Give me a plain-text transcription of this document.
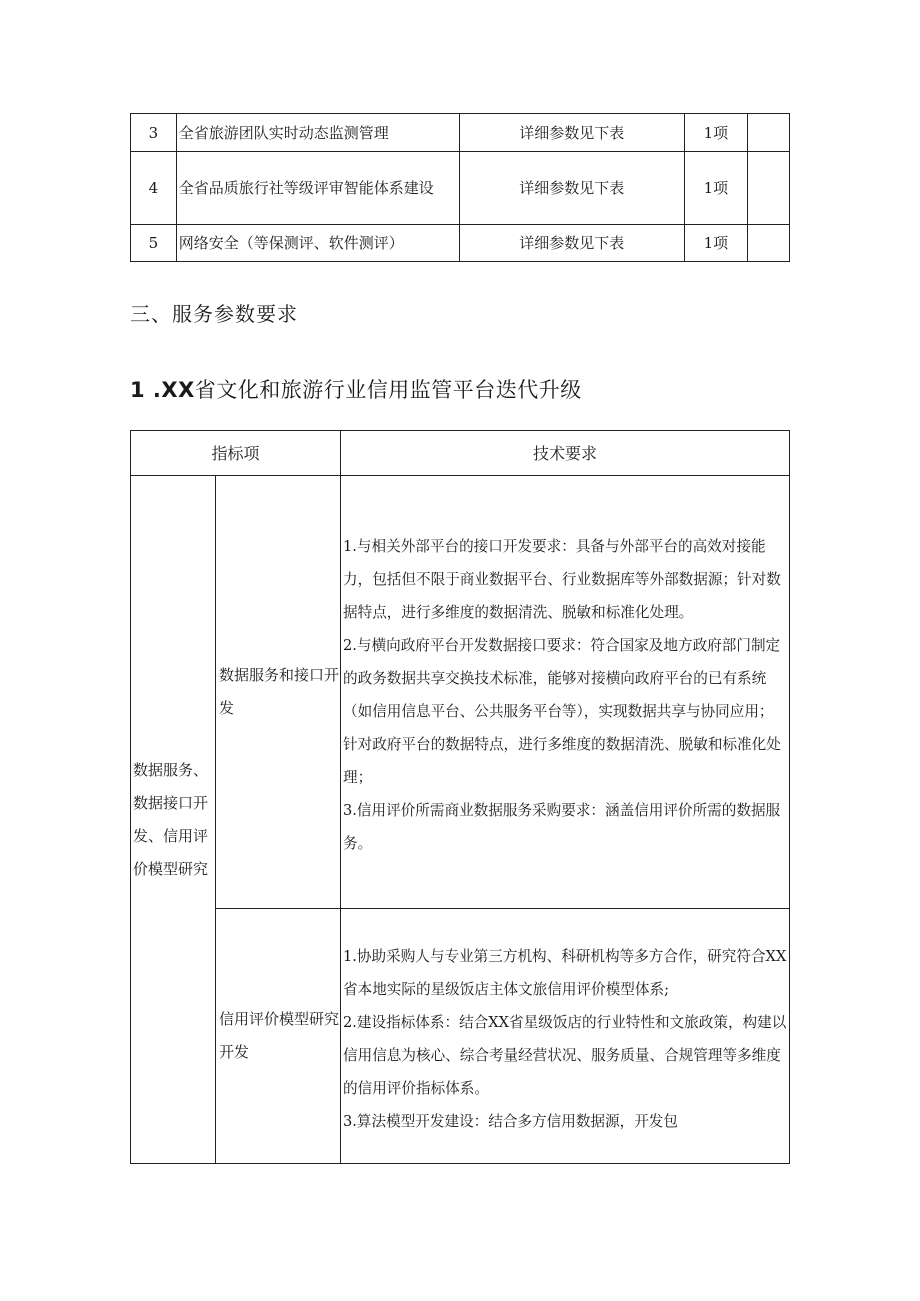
3	全省旅游团队实时动态监测管理	详细参数见下表	1项	
4	全省品质旅行社等级评审智能体系建设	详细参数见下表	1项	
5	网络安全（等保测评、软件测评）	详细参数见下表	1项	
三、服务参数要求
1 .XX省文化和旅游行业信用监管平台迭代升级
指标项		技术要求
数据服务、数据接口开发、信用评价模型研究	数据服务和接口开发	1.与相关外部平台的接口开发要求：具备与外部平台的高效对接能力，包括但不限于商业数据平台、行业数据库等外部数据源；针对数据特点，进行多维度的数据清洗、脱敏和标准化处理。
2.与横向政府平台开发数据接口要求：符合国家及地方政府部门制定的政务数据共享交换技术标准，能够对接横向政府平台的已有系统（如信用信息平台、公共服务平台等），实现数据共享与协同应用；针对政府平台的数据特点，进行多维度的数据清洗、脱敏和标准化处理；
3.信用评价所需商业数据服务采购要求：涵盖信用评价所需的数据服务。

	信用评价模型研究开发	1.协助采购人与专业第三方机构、科研机构等多方合作，研究符合XX省本地实际的星级饭店主体文旅信用评价模型体系;
2.建设指标体系：结合XX省星级饭店的行业特性和文旅政策，构建以信用信息为核心、综合考量经营状况、服务质量、合规管理等多维度的信用评价指标体系。
3.算法模型开发建设：结合多方信用数据源，开发包
